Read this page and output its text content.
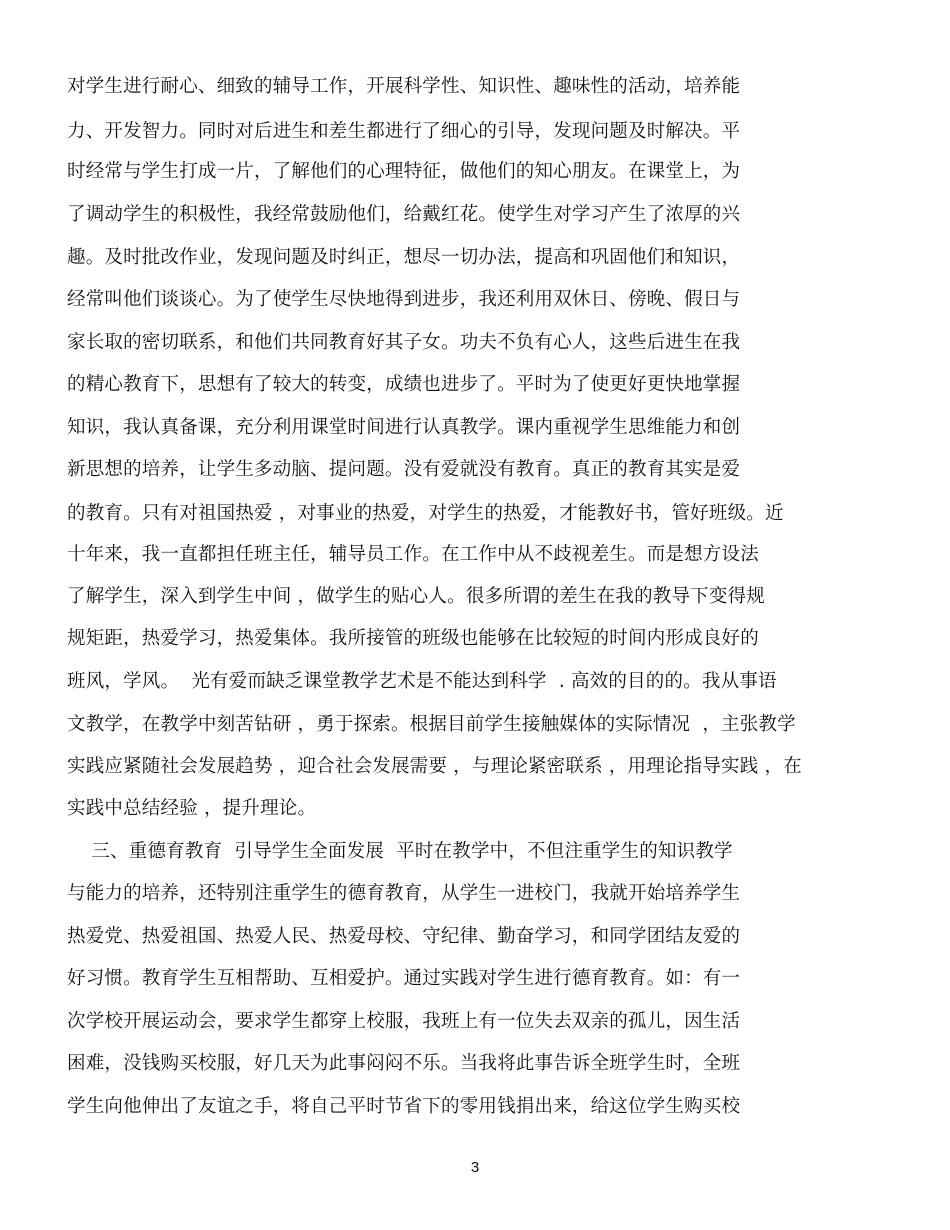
对学生进行耐心、细致的辅导工作，开展科学性、知识性、趣味性的活动，培养能
力、开发智力。同时对后进生和差生都进行了细心的引导，发现问题及时解决。平
时经常与学生打成一片，了解他们的心理特征，做他们的知心朋友。在课堂上，为
了调动学生的积极性，我经常鼓励他们，给戴红花。使学生对学习产生了浓厚的兴
趣。及时批改作业，发现问题及时纠正，想尽一切办法，提高和巩固他们和知识，
经常叫他们谈谈心。为了使学生尽快地得到进步，我还利用双休日、傍晚、假日与
家长取的密切联系，和他们共同教育好其子女。功夫不负有心人，这些后进生在我
的精心教育下，思想有了较大的转变，成绩也进步了。平时为了使更好更快地掌握
知识，我认真备课，充分利用课堂时间进行认真教学。课内重视学生思维能力和创
新思想的培养，让学生多动脑、提问题。没有爱就没有教育。真正的教育其实是爱
的教育。只有对祖国热爱 ，对事业的热爱，对学生的热爱，才能教好书，管好班级。近
十年来，我一直都担任班主任，辅导员工作。在工作中从不歧视差生。而是想方设法
了解学生，深入到学生中间 ，做学生的贴心人。很多所谓的差生在我的教导下变得规
规矩距，热爱学习，热爱集体。我所接管的班级也能够在比较短的时间内形成良好的
班风，学风。  光有爱而缺乏课堂教学艺术是不能达到科学  . 高效的目的的。我从事语
文教学，在教学中刻苦钻研 ，勇于探索。根据目前学生接触媒体的实际情况  ，主张教学
实践应紧随社会发展趋势 ，迎合社会发展需要 ，与理论紧密联系 ，用理论指导实践 ，在
实践中总结经验 ，提升理论。
三、重德育教育  引导学生全面发展  平时在教学中，不但注重学生的知识教学
与能力的培养，还特别注重学生的德育教育，从学生一进校门，我就开始培养学生
热爱党、热爱祖国、热爱人民、热爱母校、守纪律、勤奋学习，和同学团结友爱的
好习惯。教育学生互相帮助、互相爱护。通过实践对学生进行德育教育。如：有一
次学校开展运动会，要求学生都穿上校服，我班上有一位失去双亲的孤儿，因生活
困难，没钱购买校服，好几天为此事闷闷不乐。当我将此事告诉全班学生时，全班
学生向他伸出了友谊之手，将自己平时节省下的零用钱捐出来，给这位学生购买校
3
